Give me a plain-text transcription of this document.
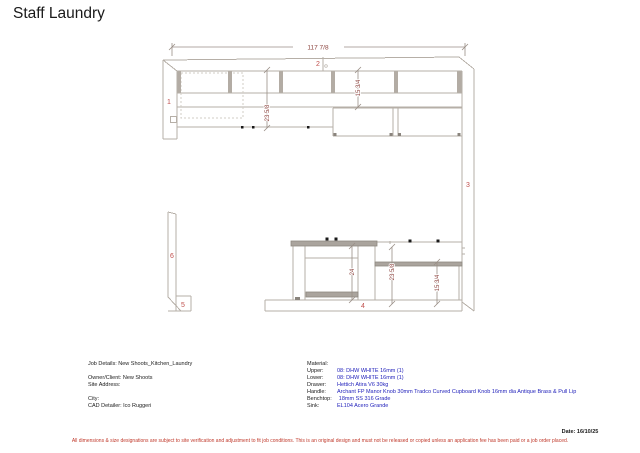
Staff Laundry
117 7/8
23 5/8
15 3/4
24	23 5/8
15 3/4
1
2
3
4
5
6
Job Details: New Shoots_Kitchen_Laundry
Owner/Client: New Shoots
Site Address:
City:
CAD Detailer: Ico Ruggeri
Material:
Upper:	08: DHW WHITE 16mm (1)
Lower:	08: DHW WHITE 16mm (1)
Drawer:	Hettich Atira V6 30kg
Handle:	Archant FP Manor Knob 30mm Tradco Curved Cupboard Knob 16mm dia Antique Brass & Pull Lip
Benchtop: 18mm SS 316 Grade
Sink:	EL104 Acero Grande
Date: 16/10/25
All dimensions & size designations are subject to site verification and adjustment to fit job conditions. This is an original design and must not be released or copied unless an application fee has been paid or a job order placed.
